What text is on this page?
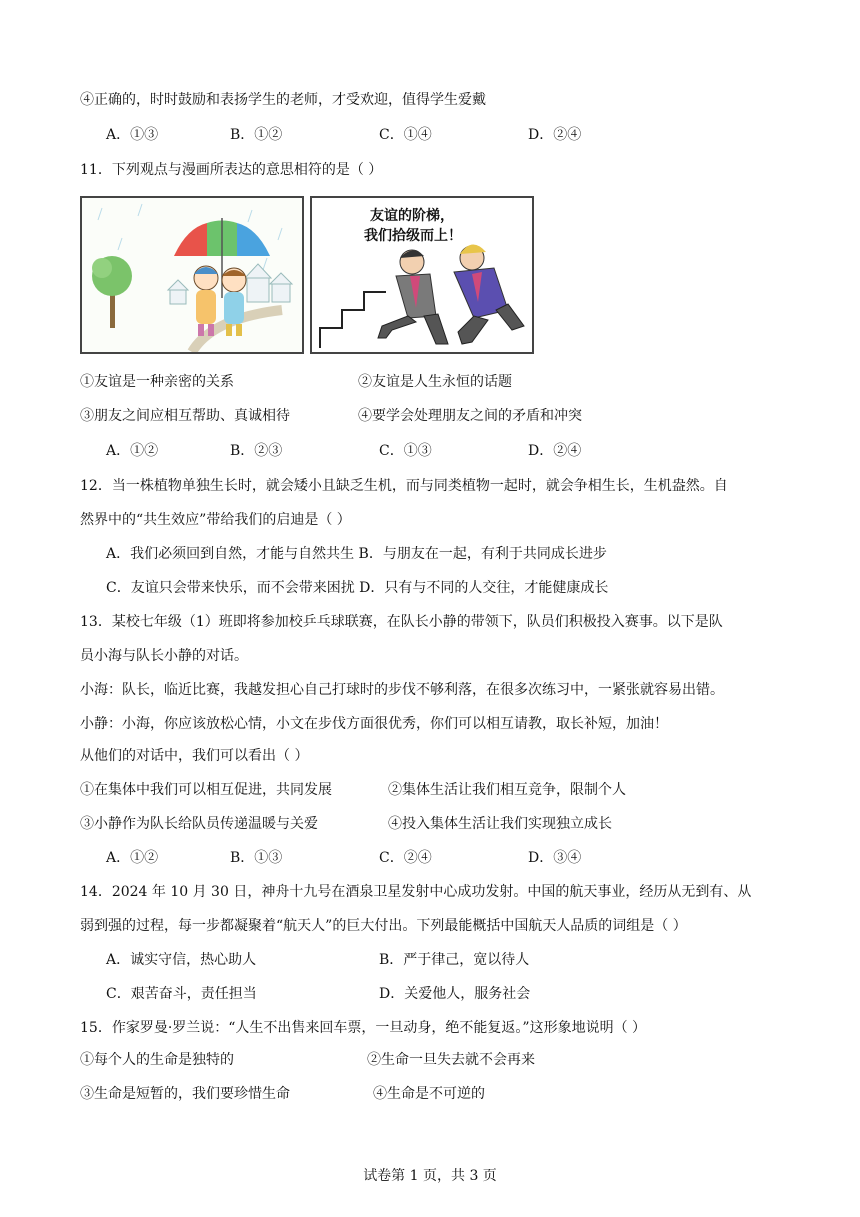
④正确的，时时鼓励和表扬学生的老师，才受欢迎，值得学生爱戴
A．①③	B．①②	C．①④	D．②④
11．下列观点与漫画所表达的意思相符的是（ ）
友谊的阶梯，
我们拾级而上！
①友谊是一种亲密的关系	②友谊是人生永恒的话题
③朋友之间应相互帮助、真诚相待	④要学会处理朋友之间的矛盾和冲突
A．①②	B．②③	C．①③	D．②④
12．当一株植物单独生长时，就会矮小且缺乏生机，而与同类植物一起时，就会争相生长，生机盎然。自
然界中的“共生效应”带给我们的启迪是（ ）
A．我们必须回到自然，才能与自然共生 B．与朋友在一起，有利于共同成长进步
C．友谊只会带来快乐，而不会带来困扰 D．只有与不同的人交往，才能健康成长
13．某校七年级（1）班即将参加校乒乓球联赛，在队长小静的带领下，队员们积极投入赛事。以下是队
员小海与队长小静的对话。
小海：队长，临近比赛，我越发担心自己打球时的步伐不够利落，在很多次练习中，一紧张就容易出错。
小静：小海，你应该放松心情，小文在步伐方面很优秀，你们可以相互请教，取长补短，加油！
从他们的对话中，我们可以看出（ ）
①在集体中我们可以相互促进，共同发展	②集体生活让我们相互竞争，限制个人
③小静作为队长给队员传递温暖与关爱	④投入集体生活让我们实现独立成长
A．①②	B．①③	C．②④	D．③④
14．2024 年 10 月 30 日，神舟十九号在酒泉卫星发射中心成功发射。中国的航天事业，经历从无到有、从
弱到强的过程，每一步都凝聚着“航天人”的巨大付出。下列最能概括中国航天人品质的词组是（ ）
A．诚实守信，热心助人	B．严于律己，宽以待人
C．艰苦奋斗，责任担当	D．关爱他人，服务社会
15．作家罗曼·罗兰说：“人生不出售来回车票，一旦动身，绝不能复返。”这形象地说明（ ）
①每个人的生命是独特的	②生命一旦失去就不会再来
③生命是短暂的，我们要珍惜生命	④生命是不可逆的
试卷第 1 页，共 3 页
